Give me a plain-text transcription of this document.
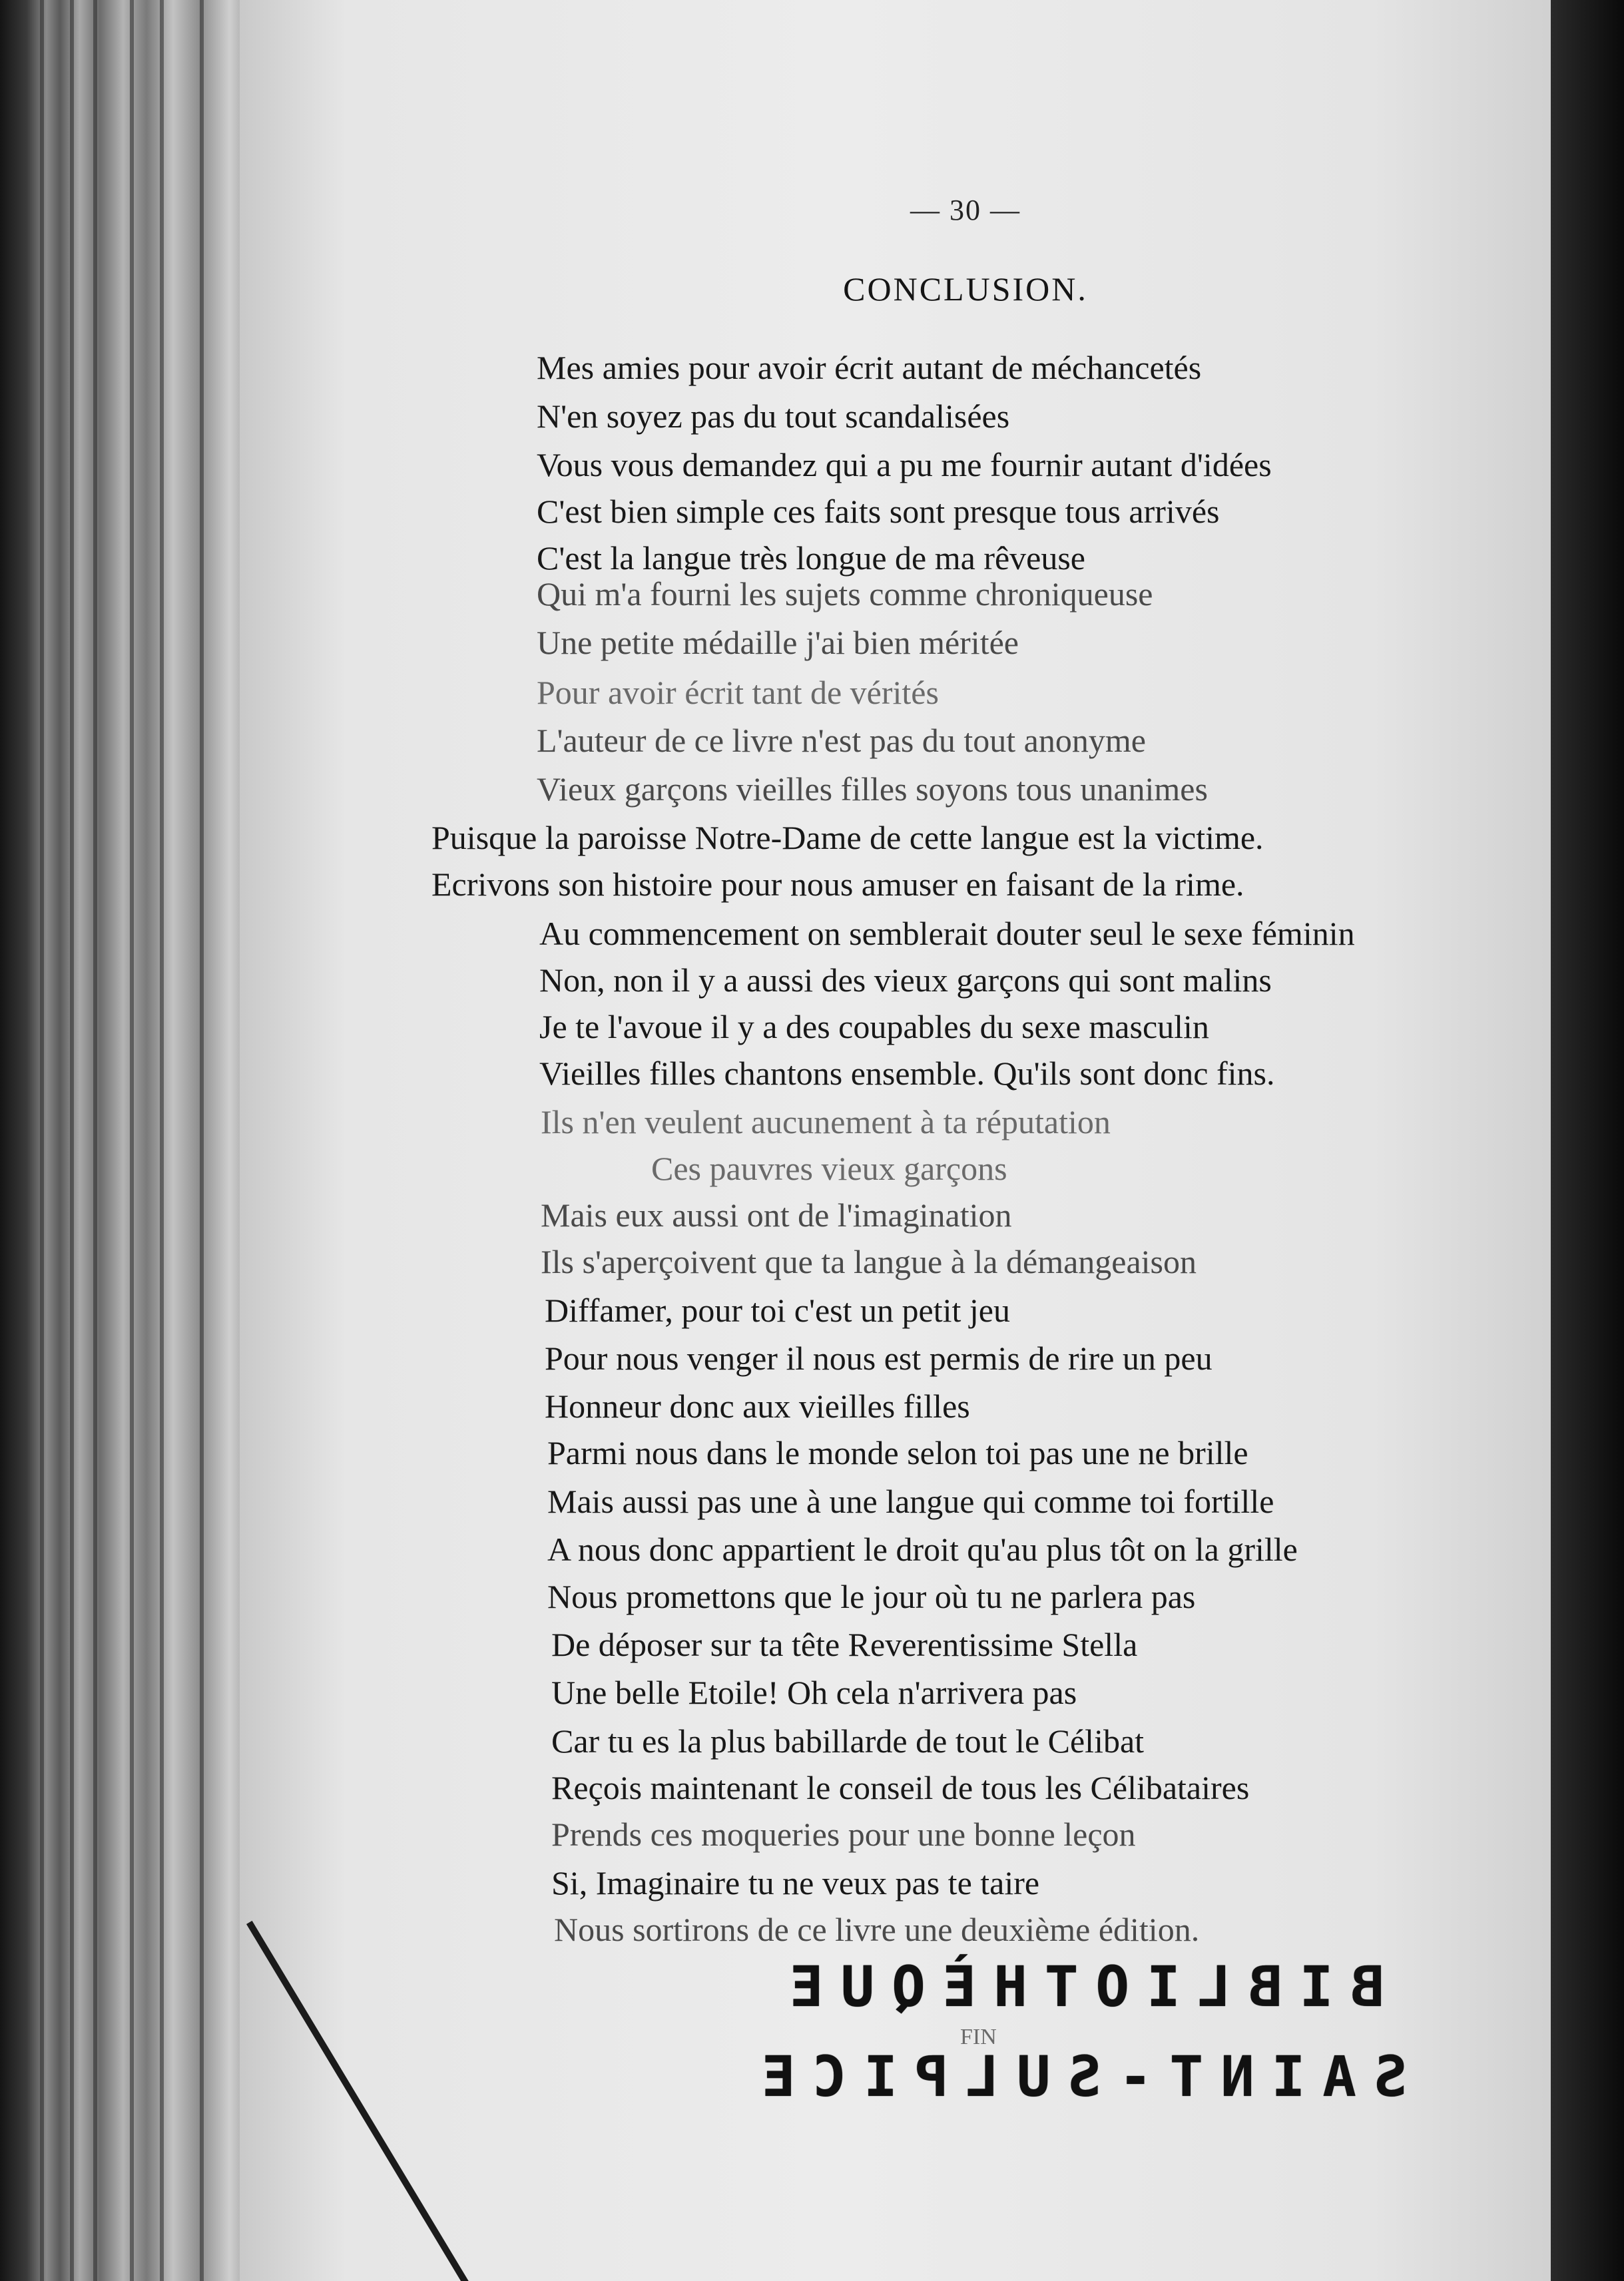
— 30 —
CONCLUSION.
Mes amies pour avoir écrit autant de méchancetés
N'en soyez pas du tout scandalisées
Vous vous demandez qui a pu me fournir autant d'idées
C'est bien simple ces faits sont presque tous arrivés
C'est la langue très longue de ma rêveuse
Qui m'a fourni les sujets comme chroniqueuse
Une petite médaille j'ai bien méritée
Pour avoir écrit tant de vérités
L'auteur de ce livre n'est pas du tout anonyme
Vieux garçons vieilles filles soyons tous unanimes
Puisque la paroisse Notre-Dame de cette langue est la victime.
Ecrivons son histoire pour nous amuser en faisant de la rime.
Au commencement on semblerait douter seul le sexe féminin
Non, non il y a aussi des vieux garçons qui sont malins
Je te l'avoue il y a des coupables du sexe masculin
Vieilles filles chantons ensemble. Qu'ils sont donc fins.
Ils n'en veulent aucunement à ta réputation
Ces pauvres vieux garçons
Mais eux aussi ont de l'imagination
Ils s'aperçoivent que ta langue à la démangeaison
Diffamer, pour toi c'est un petit jeu
Pour nous venger il nous est permis de rire un peu
Honneur donc aux vieilles filles
Parmi nous dans le monde selon toi pas une ne brille
Mais aussi pas une à une langue qui comme toi fortille
A nous donc appartient le droit qu'au plus tôt on la grille
Nous promettons que le jour où tu ne parlera pas
De déposer sur ta tête Reverentissime Stella
Une belle Etoile! Oh cela n'arrivera pas
Car tu es la plus babillarde de tout le Célibat
Reçois maintenant le conseil de tous les Célibataires
Prends ces moqueries pour une bonne leçon
Si, Imaginaire tu ne veux pas te taire
Nous sortirons de ce livre une deuxième édition.
BIBLIOTHÈQUE
FIN
SAINT-SULPICE
